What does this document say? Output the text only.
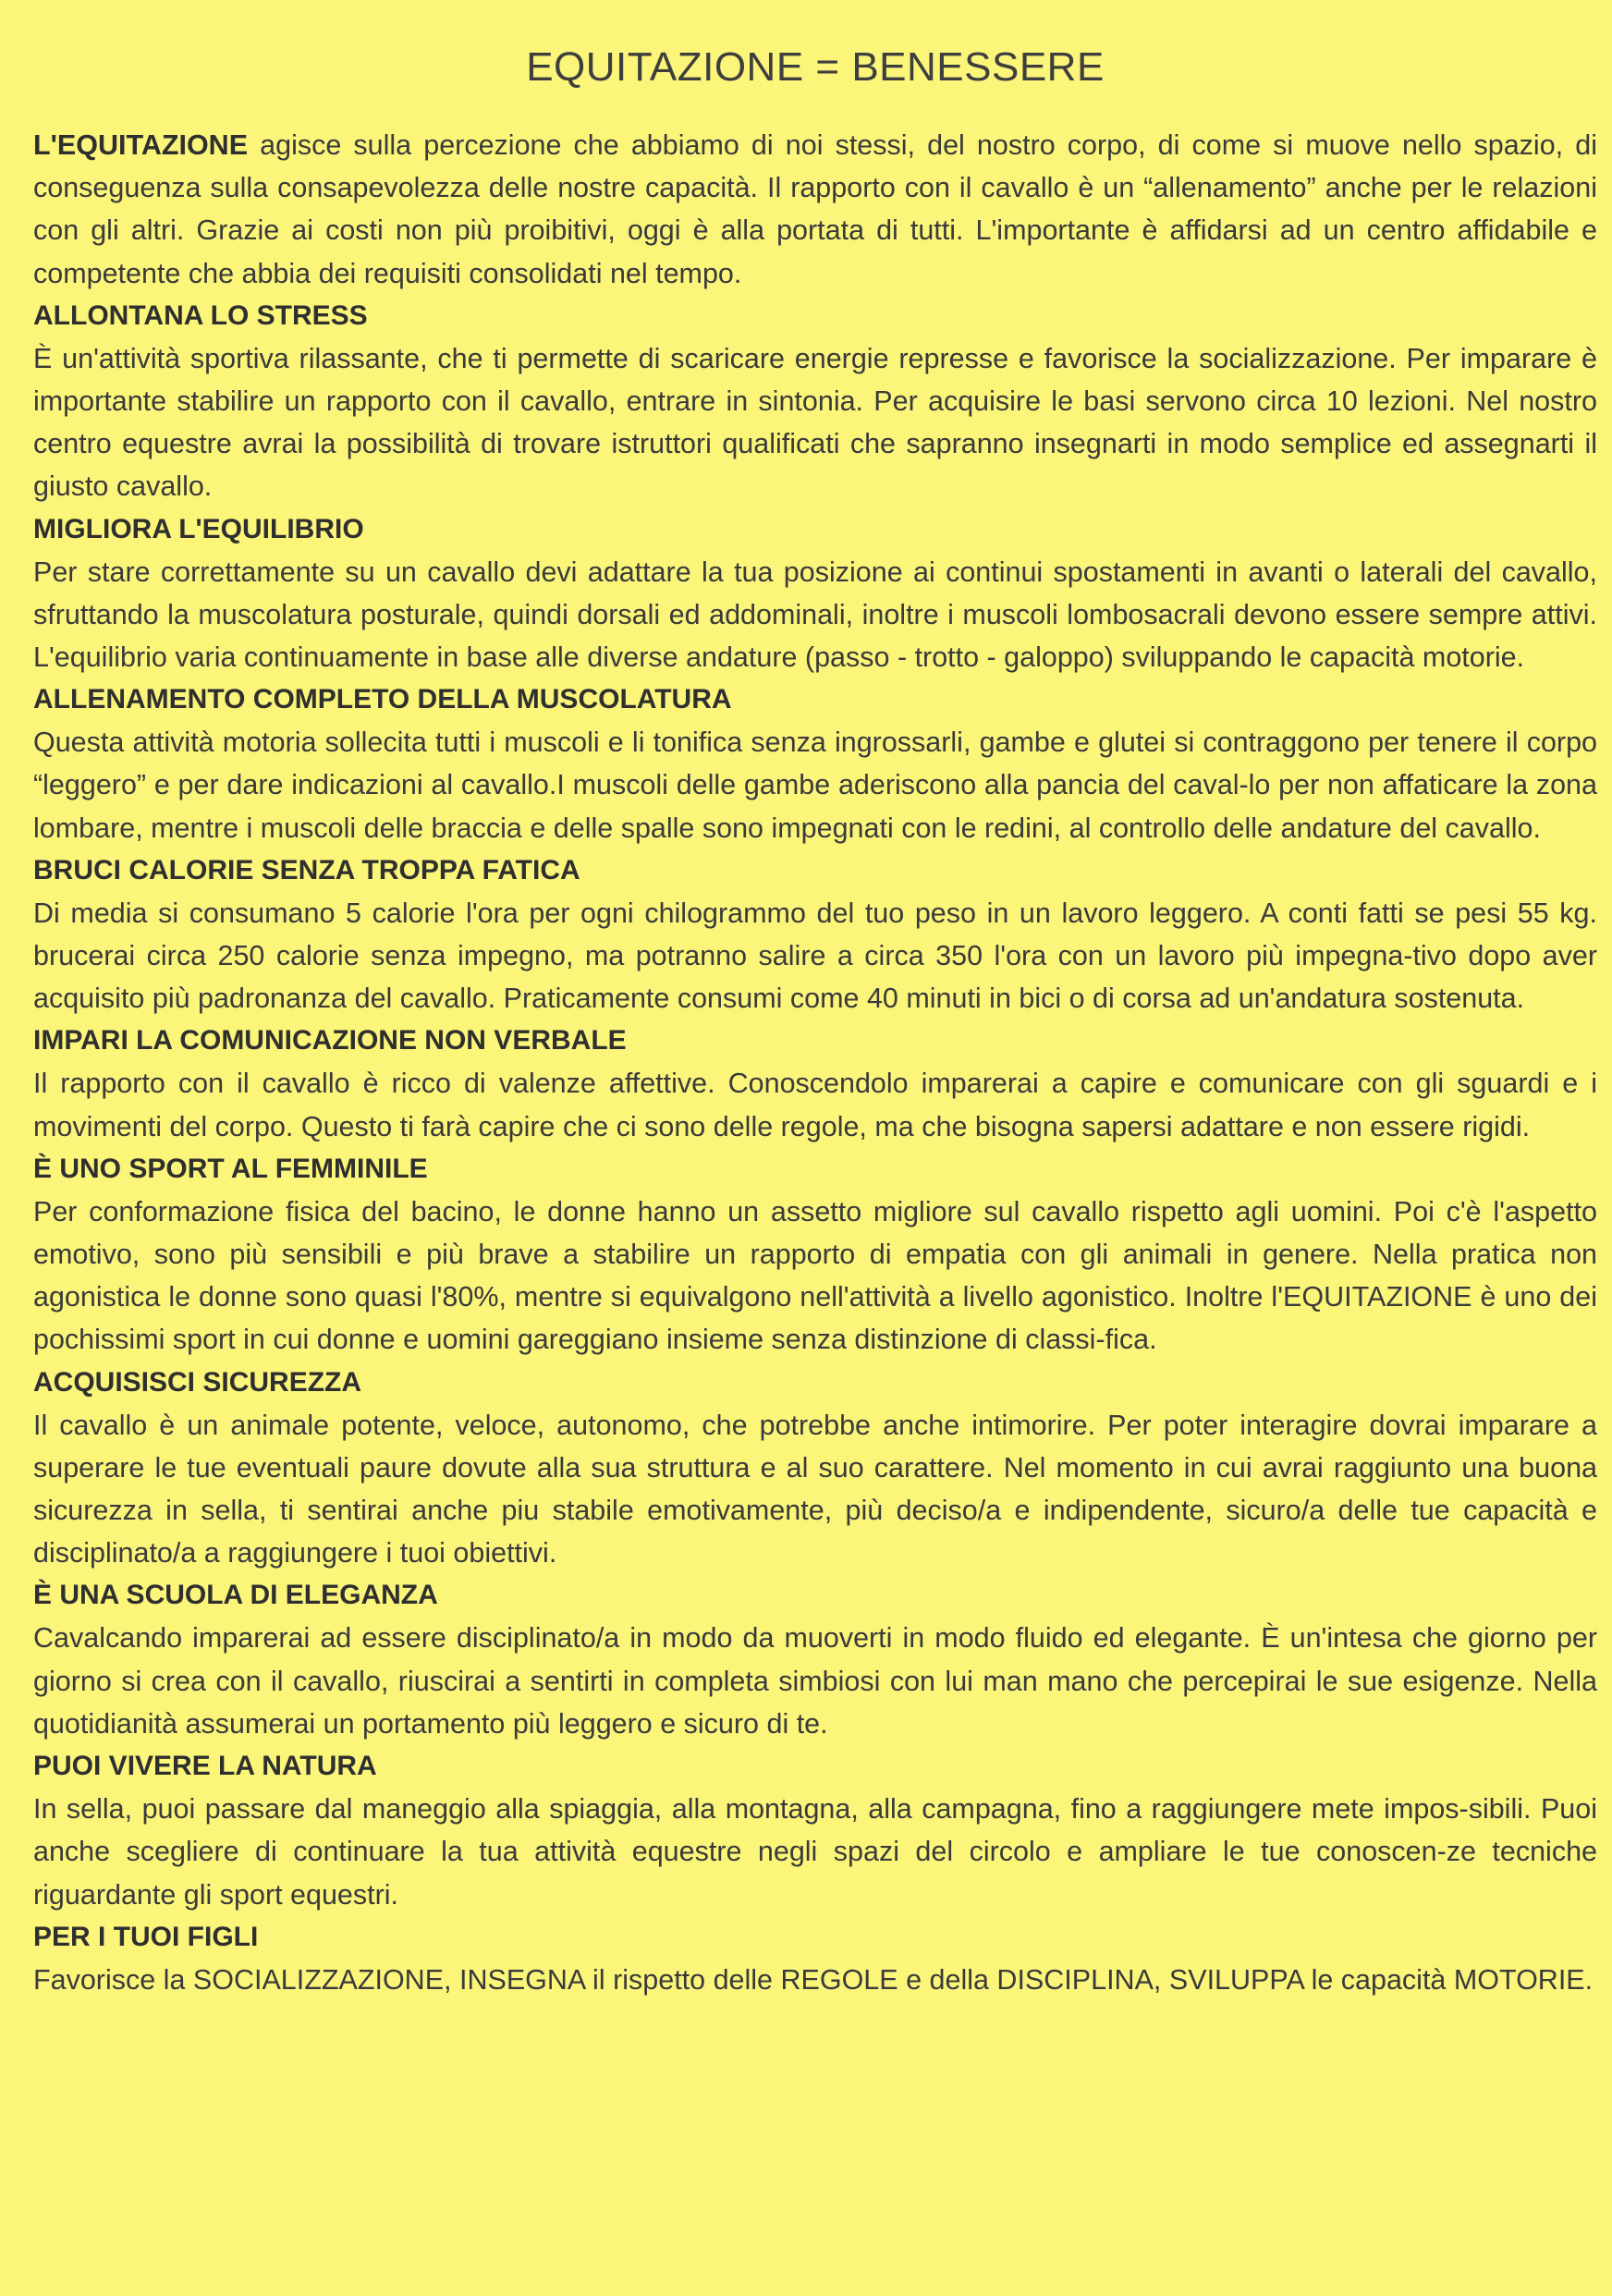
EQUITAZIONE = BENESSERE

L'EQUITAZIONE agisce sulla percezione che abbiamo di noi stessi, del nostro corpo, di come si muove nello spazio, di conseguenza sulla consapevolezza delle nostre capacità. Il rapporto con il cavallo è un “allenamento” anche per le relazioni con gli altri. Grazie ai costi non più proibitivi, oggi è alla portata di tutti. L'importante è affidarsi ad un centro affidabile e competente che abbia dei requisiti consolidati nel tempo.

ALLONTANA LO STRESS

È un'attività sportiva rilassante, che ti permette di scaricare energie represse e favorisce la socializzazione. Per imparare è importante stabilire un rapporto con il cavallo, entrare in sintonia. Per acquisire le basi servono circa 10 lezioni. Nel nostro centro equestre avrai la possibilità di trovare istruttori qualificati che sapranno insegnarti in modo semplice ed assegnarti il giusto cavallo.

MIGLIORA L'EQUILIBRIO

Per stare correttamente su un cavallo devi adattare la tua posizione ai continui spostamenti in avanti o laterali del cavallo, sfruttando la muscolatura posturale, quindi dorsali ed addominali, inoltre i muscoli lombosacrali devono essere sempre attivi. L'equilibrio varia continuamente in base alle diverse andature (passo - trotto - galoppo) sviluppando le capacità motorie.

ALLENAMENTO COMPLETO DELLA MUSCOLATURA

Questa attività motoria sollecita tutti i muscoli e li tonifica senza ingrossarli, gambe e glutei si contraggono per tenere il corpo “leggero” e per dare indicazioni al cavallo.I muscoli delle gambe aderiscono alla pancia del caval-lo per non affaticare la zona lombare, mentre i muscoli delle braccia e delle spalle sono impegnati con le redini, al controllo delle andature del cavallo.

BRUCI CALORIE SENZA TROPPA FATICA

Di media si consumano 5 calorie l'ora per ogni chilogrammo del tuo peso in un lavoro leggero. A conti fatti se pesi 55 kg. brucerai circa 250 calorie senza impegno, ma potranno salire a circa 350 l'ora con un lavoro più impegna-tivo dopo aver acquisito più padronanza del cavallo. Praticamente consumi come 40 minuti in bici o di corsa ad un'andatura sostenuta.

IMPARI LA COMUNICAZIONE NON VERBALE

Il rapporto con il cavallo è ricco di valenze affettive. Conoscendolo imparerai a capire e comunicare con gli sguardi e i movimenti del corpo. Questo ti farà capire che ci sono delle regole, ma che bisogna sapersi adattare e non essere rigidi.

È UNO SPORT AL FEMMINILE

Per conformazione fisica del bacino, le donne hanno un assetto migliore sul cavallo rispetto agli uomini. Poi c'è l'aspetto emotivo, sono più sensibili e più brave a stabilire un rapporto di empatia con gli animali in genere. Nella pratica non agonistica le donne sono quasi l'80%, mentre si equivalgono nell'attività a livello agonistico. Inoltre l'EQUITAZIONE è uno dei pochissimi sport in cui donne e uomini gareggiano insieme senza distinzione di classi-fica.

ACQUISISCI SICUREZZA

Il cavallo è un animale potente, veloce, autonomo, che potrebbe anche intimorire. Per poter interagire dovrai imparare a superare le tue eventuali paure dovute alla sua struttura e al suo carattere. Nel momento in cui avrai raggiunto una buona sicurezza in sella, ti sentirai anche piu stabile emotivamente, più deciso/a e indipendente, sicuro/a delle tue capacità e disciplinato/a a raggiungere i tuoi obiettivi.

È UNA SCUOLA DI ELEGANZA

Cavalcando imparerai ad essere disciplinato/a in modo da muoverti in modo fluido ed elegante. È un'intesa che giorno per giorno si crea con il cavallo, riuscirai a sentirti in completa simbiosi con lui man mano che percepirai le sue esigenze. Nella quotidianità assumerai un portamento più leggero e sicuro di te.

PUOI VIVERE LA NATURA

In sella, puoi passare dal maneggio alla spiaggia, alla montagna, alla campagna, fino a raggiungere mete impos-sibili. Puoi anche scegliere di continuare la tua attività equestre negli spazi del circolo e ampliare le tue conoscen-ze tecniche riguardante gli sport equestri.

PER I TUOI FIGLI

Favorisce la SOCIALIZZAZIONE, INSEGNA il rispetto delle REGOLE e della DISCIPLINA, SVILUPPA le capacità MOTORIE.
